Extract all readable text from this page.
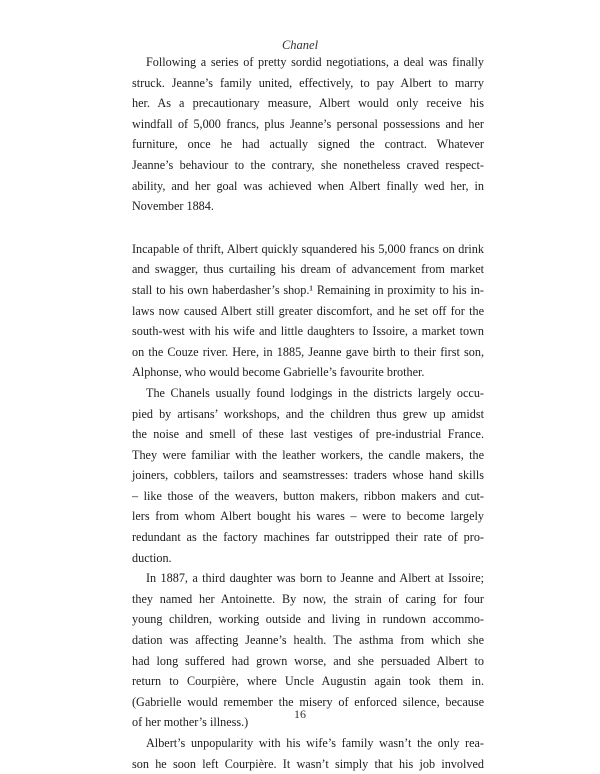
Chanel
Following a series of pretty sordid negotiations, a deal was finally
struck. Jeanne’s family united, effectively, to pay Albert to marry
her. As a precautionary measure, Albert would only receive his
windfall of 5,000 francs, plus Jeanne’s personal possessions and her
furniture, once he had actually signed the contract. Whatever
Jeanne’s behaviour to the contrary, she nonetheless craved respect-
ability, and her goal was achieved when Albert finally wed her, in
November 1884.
Incapable of thrift, Albert quickly squandered his 5,000 francs on drink
and swagger, thus curtailing his dream of advancement from market
stall to his own haberdasher’s shop.¹ Remaining in proximity to his in-
laws now caused Albert still greater discomfort, and he set off for the
south-west with his wife and little daughters to Issoire, a market town
on the Couze river. Here, in 1885, Jeanne gave birth to their first son,
Alphonse, who would become Gabrielle’s favourite brother.
The Chanels usually found lodgings in the districts largely occu-
pied by artisans’ workshops, and the children thus grew up amidst
the noise and smell of these last vestiges of pre-industrial France.
They were familiar with the leather workers, the candle makers, the
joiners, cobblers, tailors and seamstresses: traders whose hand skills
– like those of the weavers, button makers, ribbon makers and cut-
lers from whom Albert bought his wares – were to become largely
redundant as the factory machines far outstripped their rate of pro-
duction.
In 1887, a third daughter was born to Jeanne and Albert at Issoire;
they named her Antoinette. By now, the strain of caring for four
young children, working outside and living in rundown accommo-
dation was affecting Jeanne’s health. The asthma from which she
had long suffered had grown worse, and she persuaded Albert to
return to Courpière, where Uncle Augustin again took them in.
(Gabrielle would remember the misery of enforced silence, because
of her mother’s illness.)
Albert’s unpopularity with his wife’s family wasn’t the only rea-
son he soon left Courpière. It wasn’t simply that his job involved
16
